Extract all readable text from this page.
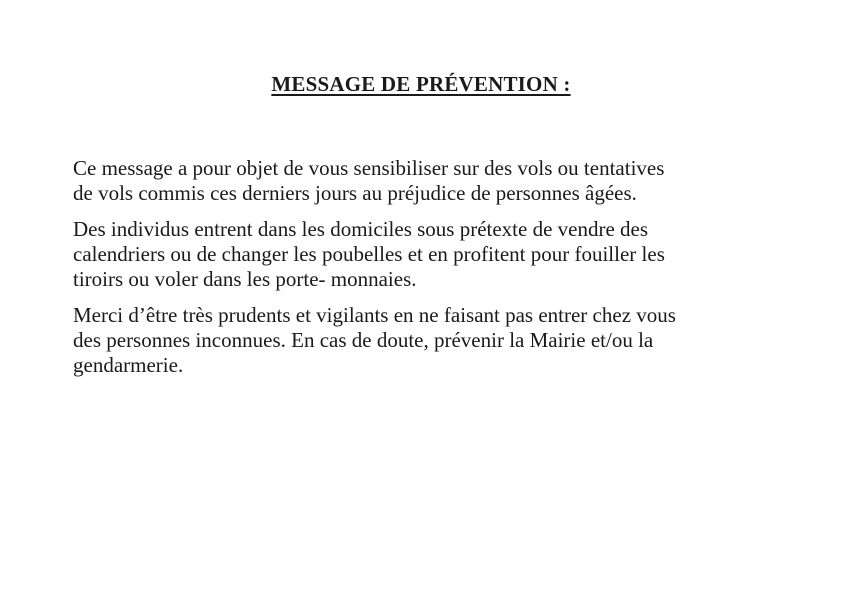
MESSAGE DE PRÉVENTION :

Ce message a pour objet de vous sensibiliser sur des vols ou tentatives
de vols commis ces derniers jours au préjudice de personnes âgées.

Des individus entrent dans les domiciles sous prétexte de vendre des
calendriers ou de changer les poubelles et en profitent pour fouiller les
tiroirs ou voler dans les porte- monnaies.

Merci d’être très prudents et vigilants en ne faisant pas entrer chez vous
des personnes inconnues. En cas de doute, prévenir la Mairie et/ou la
gendarmerie.
